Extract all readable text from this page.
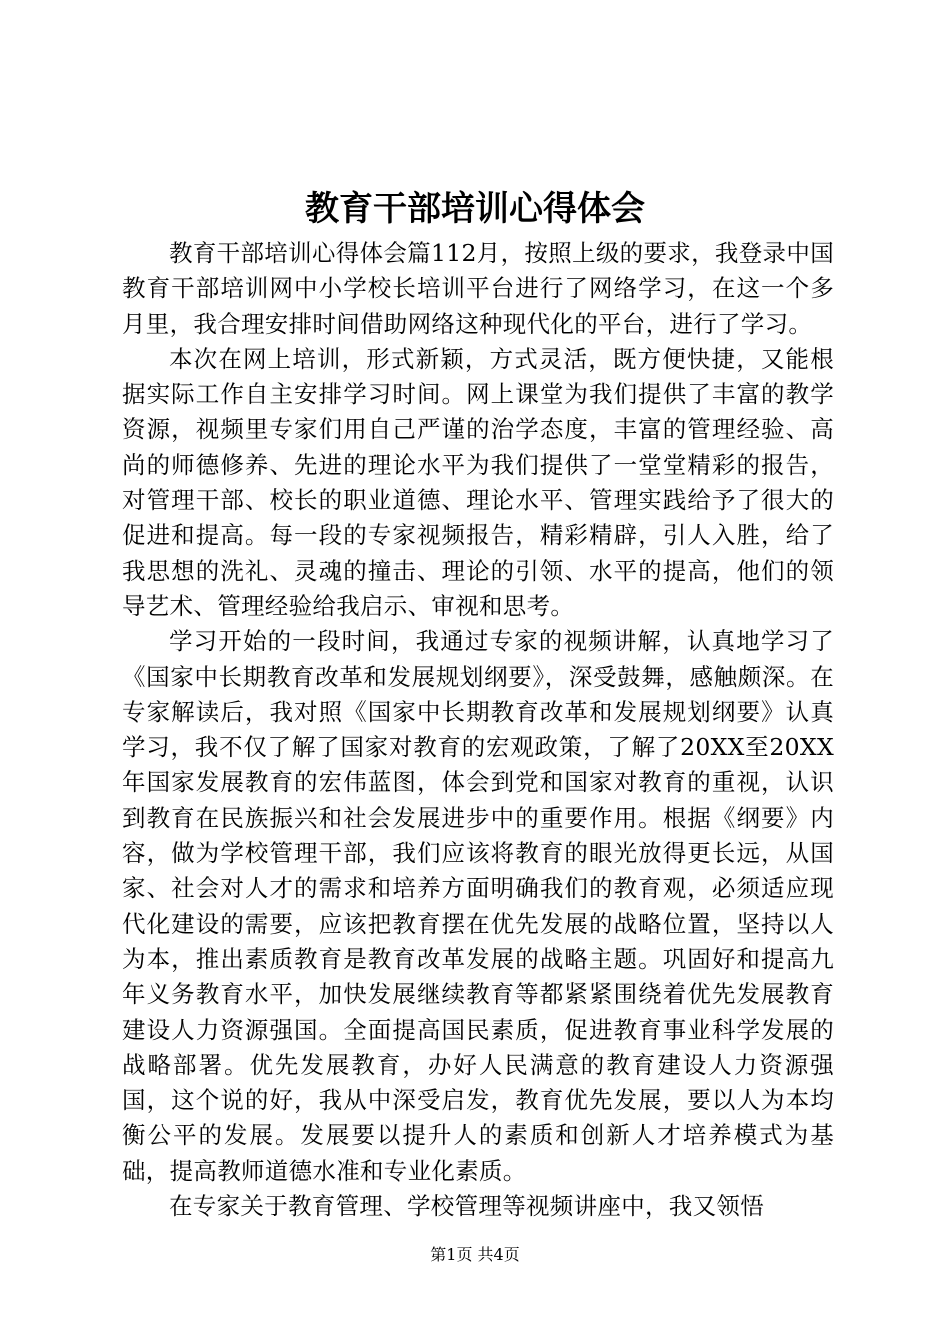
教育干部培训心得体会

教育干部培训心得体会篇112月，按照上级的要求，我登录中国教育干部培训网中小学校长培训平台进行了网络学习，在这一个多月里，我合理安排时间借助网络这种现代化的平台，进行了学习。

本次在网上培训，形式新颖，方式灵活，既方便快捷，又能根据实际工作自主安排学习时间。网上课堂为我们提供了丰富的教学资源，视频里专家们用自己严谨的治学态度，丰富的管理经验、高尚的师德修养、先进的理论水平为我们提供了一堂堂精彩的报告，对管理干部、校长的职业道德、理论水平、管理实践给予了很大的促进和提高。每一段的专家视频报告，精彩精辟，引人入胜，给了我思想的洗礼、灵魂的撞击、理论的引领、水平的提高，他们的领导艺术、管理经验给我启示、审视和思考。

学习开始的一段时间，我通过专家的视频讲解，认真地学习了《国家中长期教育改革和发展规划纲要》，深受鼓舞，感触颇深。在专家解读后，我对照《国家中长期教育改革和发展规划纲要》认真学习，我不仅了解了国家对教育的宏观政策，了解了20XX至20XX年国家发展教育的宏伟蓝图，体会到党和国家对教育的重视，认识到教育在民族振兴和社会发展进步中的重要作用。根据《纲要》内容，做为学校管理干部，我们应该将教育的眼光放得更长远，从国家、社会对人才的需求和培养方面明确我们的教育观，必须适应现代化建设的需要，应该把教育摆在优先发展的战略位置，坚持以人为本，推出素质教育是教育改革发展的战略主题。巩固好和提高九年义务教育水平，加快发展继续教育等都紧紧围绕着优先发展教育建设人力资源强国。全面提高国民素质，促进教育事业科学发展的战略部署。优先发展教育，办好人民满意的教育建设人力资源强国，这个说的好，我从中深受启发，教育优先发展，要以人为本均衡公平的发展。发展要以提升人的素质和创新人才培养模式为基础，提高教师道德水准和专业化素质。

在专家关于教育管理、学校管理等视频讲座中，我又领悟

第1页 共4页
